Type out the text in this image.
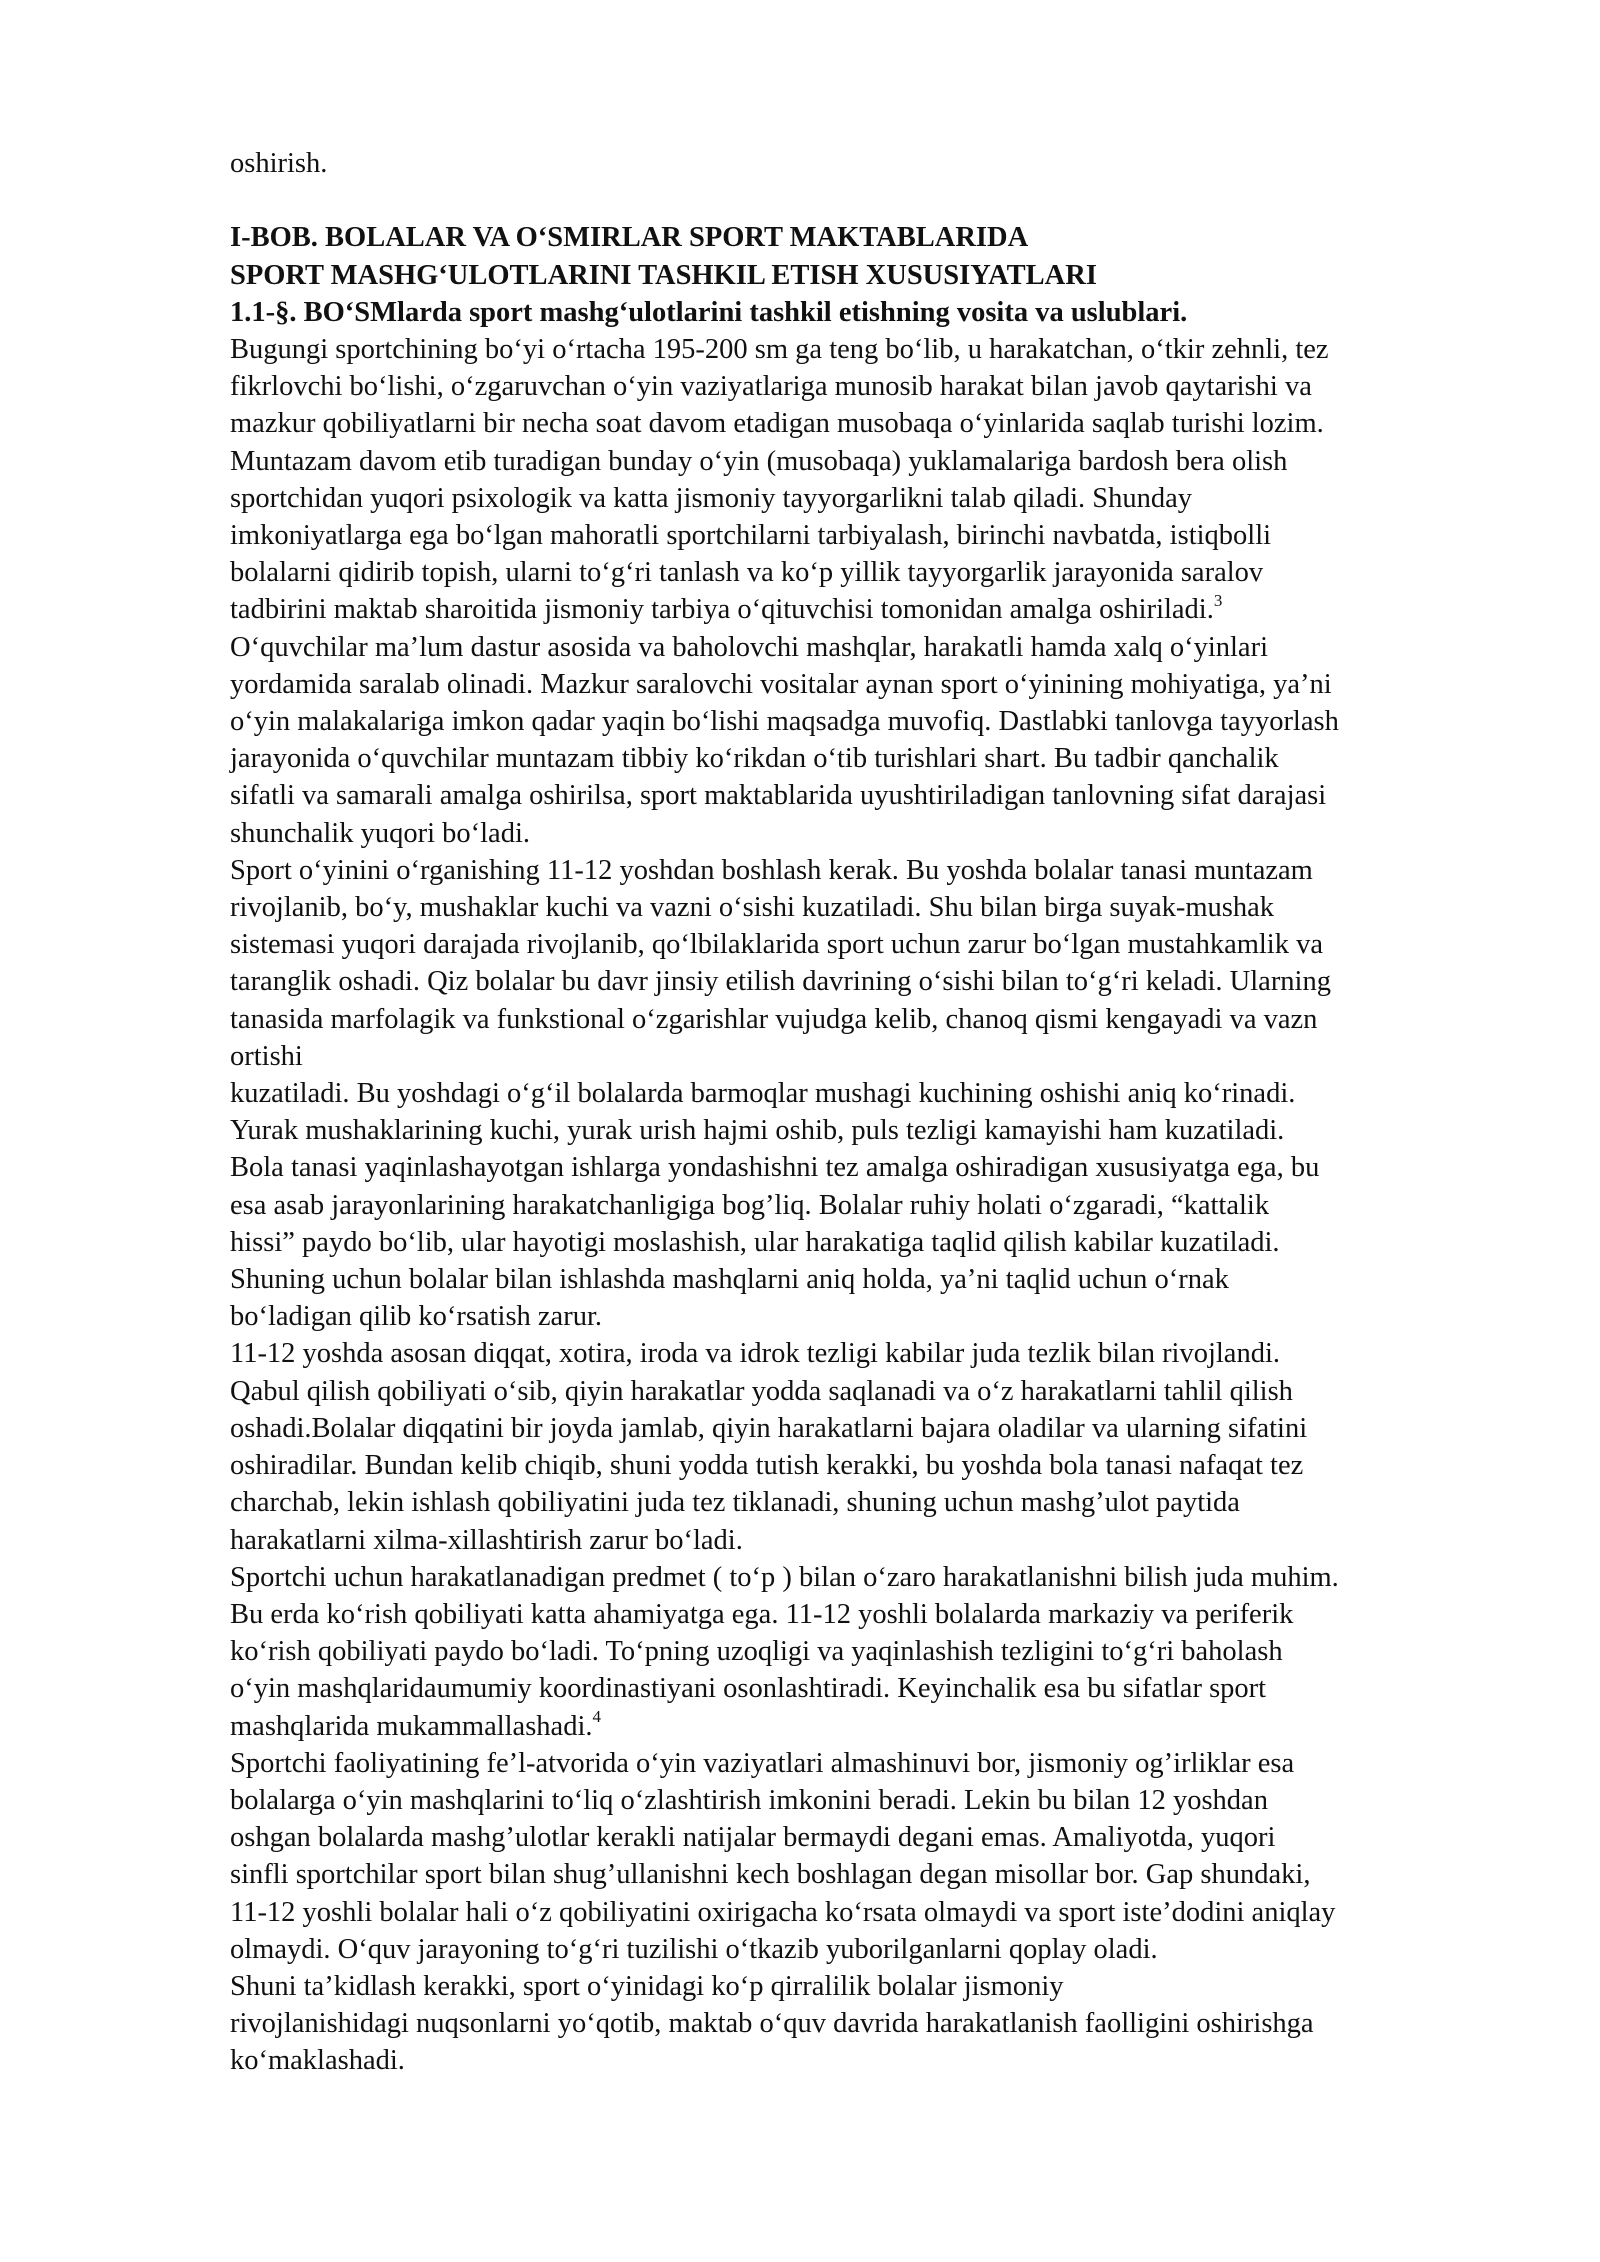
oshirish.
I-BOB. BOLALAR VA O‘SMIRLAR SPORT MAKTABLARIDA
SPORT MASHG‘ULOTLARINI TASHKIL ETISH XUSUSIYATLARI
1.1-§. BO‘SMlarda sport mashg‘ulotlarini tashkil etishning vosita va uslublari.
Bugungi sportchining bo‘yi o‘rtacha 195-200 sm ga teng bo‘lib, u harakatchan, o‘tkir zehnli, tez
fikrlovchi bo‘lishi, o‘zgaruvchan o‘yin vaziyatlariga munosib harakat bilan javob qaytarishi va
mazkur qobiliyatlarni bir necha soat davom etadigan musobaqa o‘yinlarida saqlab turishi lozim.
Muntazam davom etib turadigan bunday o‘yin (musobaqa) yuklamalariga bardosh bera olish
sportchidan yuqori psixologik va katta jismoniy tayyorgarlikni talab qiladi. Shunday
imkoniyatlarga ega bo‘lgan mahoratli sportchilarni tarbiyalash, birinchi navbatda, istiqbolli
bolalarni qidirib topish, ularni to‘g‘ri tanlash va ko‘p yillik tayyorgarlik jarayonida saralov
tadbirini maktab sharoitida jismoniy tarbiya o‘qituvchisi tomonidan amalga oshiriladi.$^3$
O‘quvchilar ma’lum dastur asosida va baholovchi mashqlar, harakatli hamda xalq o‘yinlari
yordamida saralab olinadi. Mazkur saralovchi vositalar aynan sport o‘yinining mohiyatiga, ya’ni
o‘yin malakalariga imkon qadar yaqin bo‘lishi maqsadga muvofiq. Dastlabki tanlovga tayyorlash
jarayonida o‘quvchilar muntazam tibbiy ko‘rikdan o‘tib turishlari shart. Bu tadbir qanchalik
sifatli va samarali amalga oshirilsa, sport maktablarida uyushtiriladigan tanlovning sifat darajasi
shunchalik yuqori bo‘ladi.
Sport o‘yinini o‘rganishing 11-12 yoshdan boshlash kerak. Bu yoshda bolalar tanasi muntazam
rivojlanib, bo‘y, mushaklar kuchi va vazni o‘sishi kuzatiladi. Shu bilan birga suyak-mushak
sistemasi yuqori darajada rivojlanib, qo‘lbilaklarida sport uchun zarur bo‘lgan mustahkamlik va
taranglik oshadi. Qiz bolalar bu davr jinsiy etilish davrining o‘sishi bilan to‘g‘ri keladi. Ularning
tanasida marfolagik va funkstional o‘zgarishlar vujudga kelib, chanoq qismi kengayadi va vazn
ortishi
kuzatiladi. Bu yoshdagi o‘g‘il bolalarda barmoqlar mushagi kuchining oshishi aniq ko‘rinadi.
Yurak mushaklarining kuchi, yurak urish hajmi oshib, puls tezligi kamayishi ham kuzatiladi.
Bola tanasi yaqinlashayotgan ishlarga yondashishni tez amalga oshiradigan xususiyatga ega, bu
esa asab jarayonlarining harakatchanligiga bog’liq. Bolalar ruhiy holati o‘zgaradi, “kattalik
hissi” paydo bo‘lib, ular hayotigi moslashish, ular harakatiga taqlid qilish kabilar kuzatiladi.
Shuning uchun bolalar bilan ishlashda mashqlarni aniq holda, ya’ni taqlid uchun o‘rnak
bo‘ladigan qilib ko‘rsatish zarur.
11-12 yoshda asosan diqqat, xotira, iroda va idrok tezligi kabilar juda tezlik bilan rivojlandi.
Qabul qilish qobiliyati o‘sib, qiyin harakatlar yodda saqlanadi va o‘z harakatlarni tahlil qilish
oshadi.Bolalar diqqatini bir joyda jamlab, qiyin harakatlarni bajara oladilar va ularning sifatini
oshiradilar. Bundan kelib chiqib, shuni yodda tutish kerakki, bu yoshda bola tanasi nafaqat tez
charchab, lekin ishlash qobiliyatini juda tez tiklanadi, shuning uchun mashg’ulot paytida
harakatlarni xilma-xillashtirish zarur bo‘ladi.
Sportchi uchun harakatlanadigan predmet ( to‘p ) bilan o‘zaro harakatlanishni bilish juda muhim.
Bu erda ko‘rish qobiliyati katta ahamiyatga ega. 11-12 yoshli bolalarda markaziy va periferik
ko‘rish qobiliyati paydo bo‘ladi. To‘pning uzoqligi va yaqinlashish tezligini to‘g‘ri baholash
o‘yin mashqlaridaumumiy koordinastiyani osonlashtiradi. Keyinchalik esa bu sifatlar sport
mashqlarida mukammallashadi.$^4$
Sportchi faoliyatining fe’l-atvorida o‘yin vaziyatlari almashinuvi bor, jismoniy og’irliklar esa
bolalarga o‘yin mashqlarini to‘liq o‘zlashtirish imkonini beradi. Lekin bu bilan 12 yoshdan
oshgan bolalarda mashg’ulotlar kerakli natijalar bermaydi degani emas. Amaliyotda, yuqori
sinfli sportchilar sport bilan shug’ullanishni kech boshlagan degan misollar bor. Gap shundaki,
11-12 yoshli bolalar hali o‘z qobiliyatini oxirigacha ko‘rsata olmaydi va sport iste’dodini aniqlay
olmaydi. O‘quv jarayoning to‘g‘ri tuzilishi o‘tkazib yuborilganlarni qoplay oladi.
Shuni ta’kidlash kerakki, sport o‘yinidagi ko‘p qirralilik bolalar jismoniy
rivojlanishidagi nuqsonlarni yo‘qotib, maktab o‘quv davrida harakatlanish faolligini oshirishga
ko‘maklashadi.
